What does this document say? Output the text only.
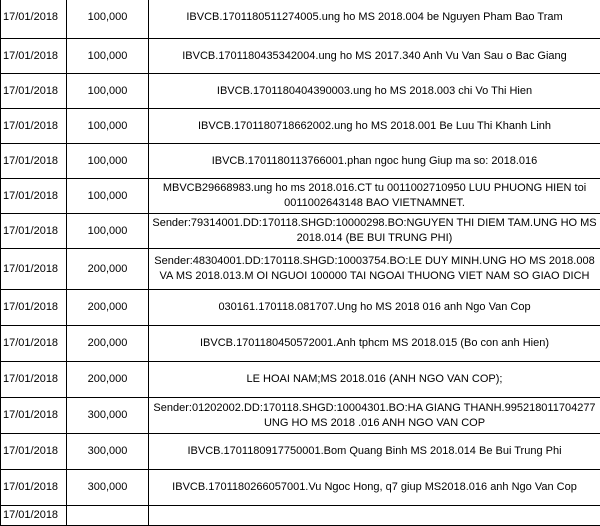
17/01/2018	100,000	IBVCB.1701180511274005.ung ho MS 2018.004 be Nguyen Pham Bao Tram
17/01/2018	100,000	IBVCB.1701180435342004.ung ho MS 2017.340 Anh Vu Van Sau o Bac Giang
17/01/2018	100,000	IBVCB.1701180404390003.ung ho MS 2018.003 chi Vo Thi Hien
17/01/2018	100,000	IBVCB.1701180718662002.ung ho MS 2018.001 Be Luu Thi Khanh Linh
17/01/2018	100,000	IBVCB.1701180113766001.phan ngoc hung Giup ma so: 2018.016
17/01/2018	100,000	MBVCB29668983.ung ho ms 2018.016.CT tu 0011002710950 LUU PHUONG HIEN toi 0011002643148 BAO VIETNAMNET.
17/01/2018	100,000	Sender:79314001.DD:170118.SHGD:10000298.BO:NGUYEN THI DIEM TAM.UNG HO MS 2018.014 (BE BUI TRUNG PHI)
17/01/2018	200,000	Sender:48304001.DD:170118.SHGD:10003754.BO:LE DUY MINH.UNG HO MS 2018.008 VA MS 2018.013.M OI NGUOI 100000 TAI NGOAI THUONG VIET NAM SO GIAO DICH
17/01/2018	200,000	030161.170118.081707.Ung ho MS 2018 016 anh Ngo Van Cop
17/01/2018	200,000	IBVCB.1701180450572001.Anh tphcm MS 2018.015 (Bo con anh Hien)
17/01/2018	200,000	LE HOAI NAM;MS 2018.016 (ANH NGO VAN COP);
17/01/2018	300,000	Sender:01202002.DD:170118.SHGD:10004301.BO:HA GIANG THANH.995218011704277 UNG HO MS 2018 .016 ANH NGO VAN COP
17/01/2018	300,000	IBVCB.1701180917750001.Bom Quang Binh MS 2018.014 Be Bui Trung Phi
17/01/2018	300,000	IBVCB.1701180266057001.Vu Ngoc Hong, q7 giup MS2018.016 anh Ngo Van Cop
17/01/2018		
